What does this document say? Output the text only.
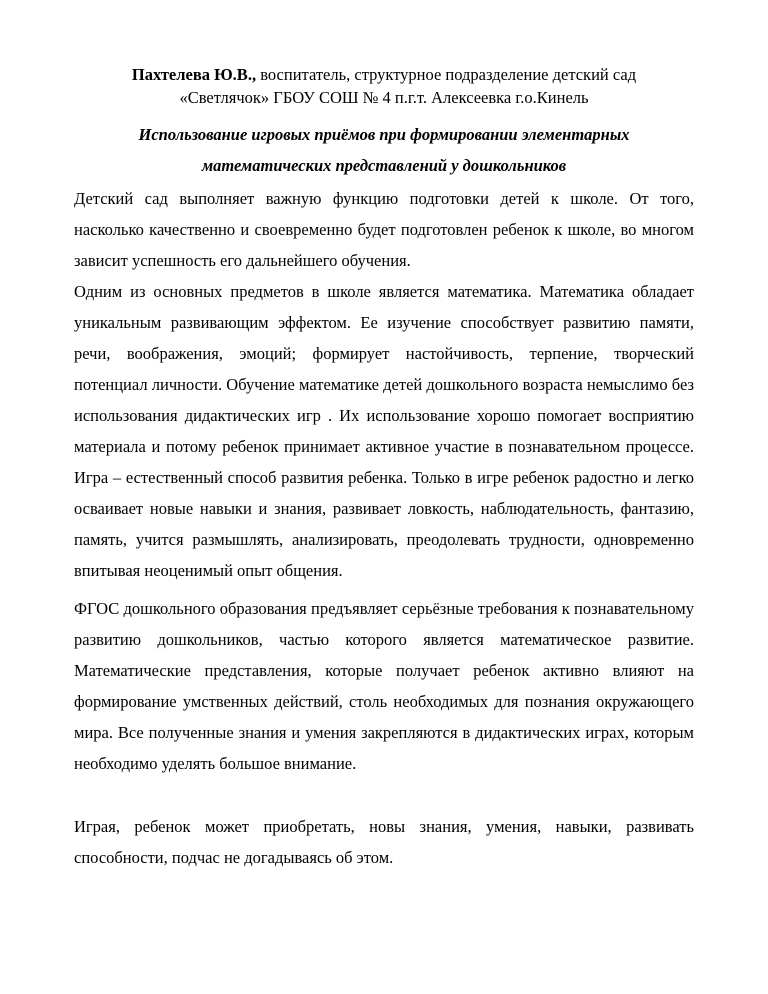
Пахтелева Ю.В., воспитатель, структурное подразделение детский сад
«Светлячок» ГБОУ СОШ № 4 п.г.т. Алексеевка г.о.Кинель
Использование игровых приёмов при формировании элементарных
математических представлений у дошкольников

Детский сад выполняет важную функцию подготовки детей к школе. От того, насколько качественно и своевременно будет подготовлен ребенок к школе, во многом зависит успешность его дальнейшего обучения.

Одним из основных предметов в школе является математика. Математика обладает уникальным развивающим эффектом. Ее изучение способствует развитию памяти, речи, воображения, эмоций; формирует настойчивость, терпение, творческий потенциал личности. Обучение математике детей дошкольного возраста немыслимо без использования дидактических игр . Их использование хорошо помогает восприятию материала и потому ребенок принимает активное участие в познавательном процессе. Игра – естественный способ развития ребенка. Только в игре ребенок радостно и легко осваивает новые навыки и знания, развивает ловкость, наблюдательность, фантазию, память, учится размышлять, анализировать, преодолевать трудности, одновременно впитывая неоценимый опыт общения.

ФГОС дошкольного образования предъявляет серьёзные требования к познавательному развитию дошкольников, частью которого является математическое развитие. Математические представления, которые получает ребенок активно влияют на формирование умственных действий, столь необходимых для познания окружающего мира. Все полученные знания и умения закрепляются в дидактических играх, которым необходимо уделять большое внимание.

Играя, ребенок может приобретать, новы знания, умения, навыки, развивать способности, подчас не догадываясь об этом.
